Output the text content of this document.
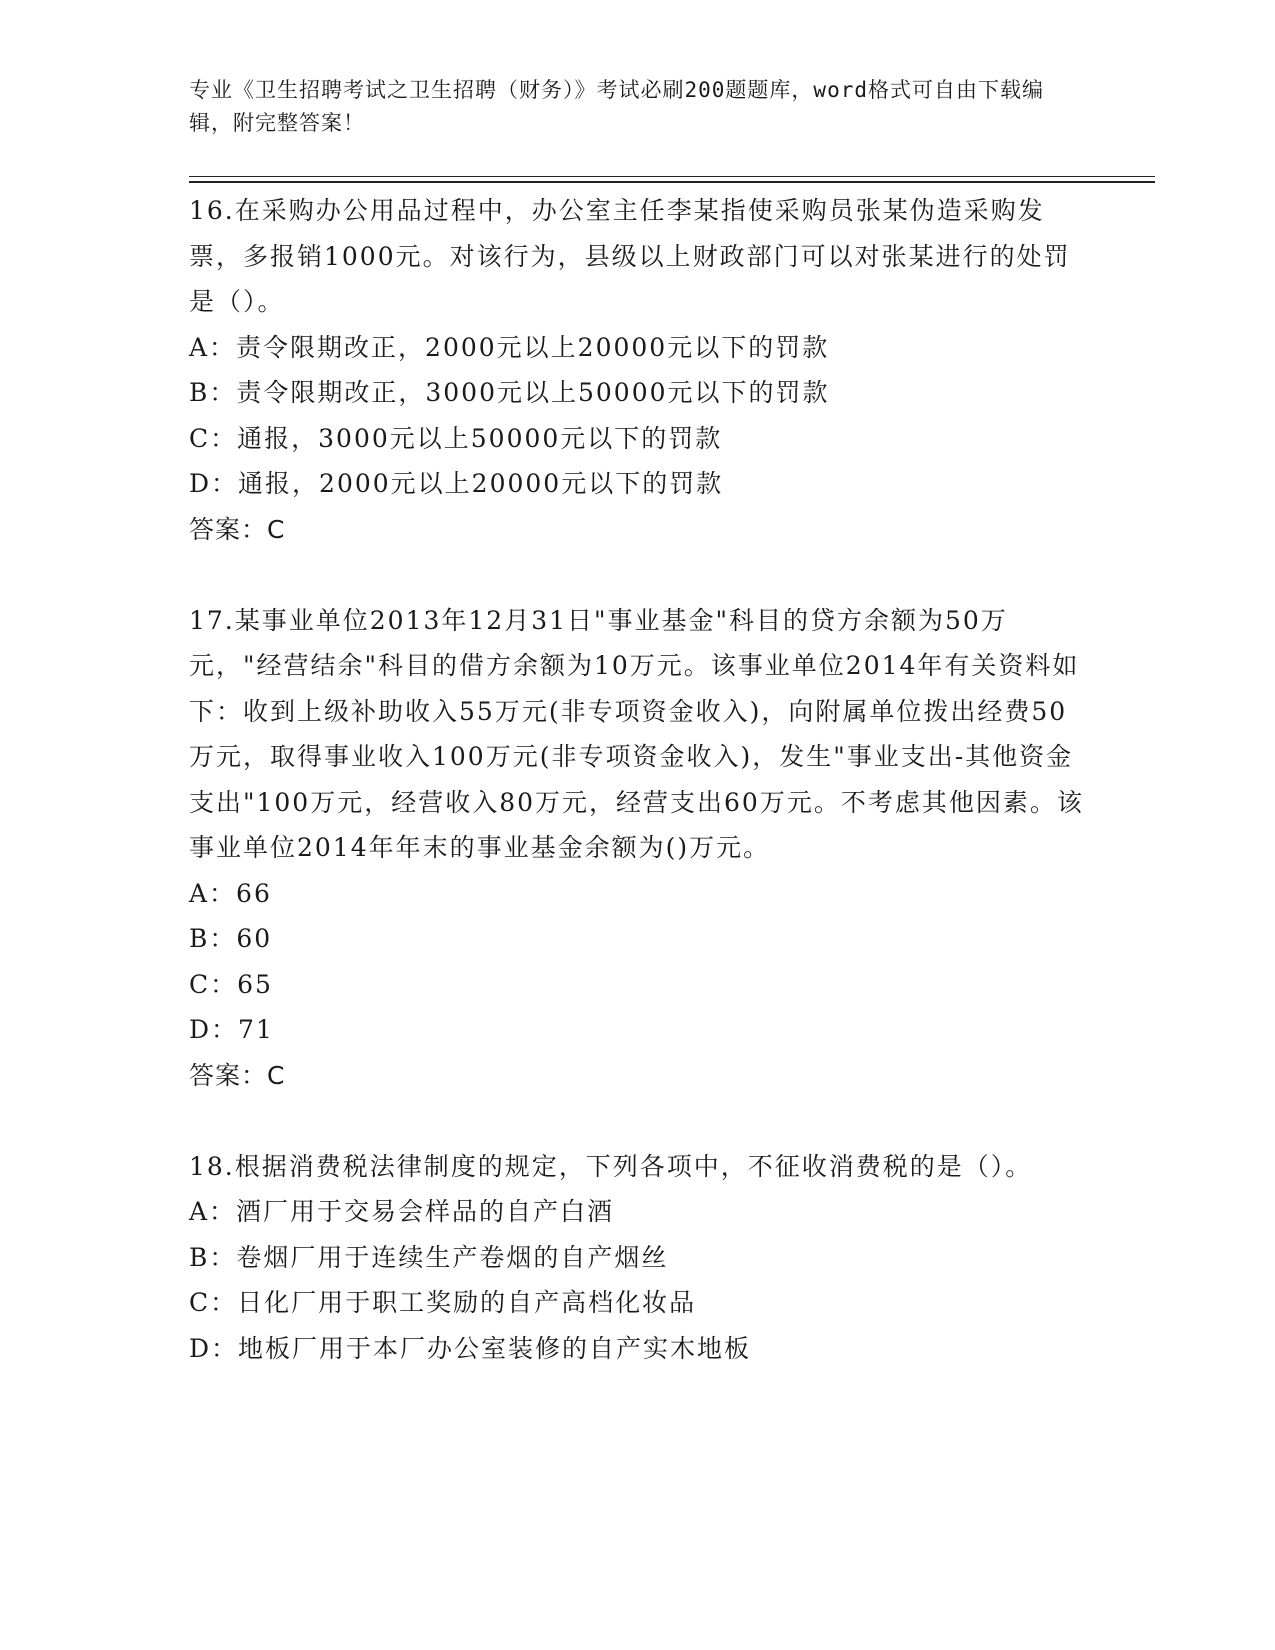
专业《卫生招聘考试之卫生招聘（财务）》考试必刷200题题库，word格式可自由下载编辑，附完整答案！

16.在采购办公用品过程中，办公室主任李某指使采购员张某伪造采购发票，多报销1000元。对该行为，县级以上财政部门可以对张某进行的处罚是（）。

A：责令限期改正，2000元以上20000元以下的罚款

B：责令限期改正，3000元以上50000元以下的罚款

C：通报，3000元以上50000元以下的罚款

D：通报，2000元以上20000元以下的罚款

答案：C

17.某事业单位2013年12月31日"事业基金"科目的贷方余额为50万元，"经营结余"科目的借方余额为10万元。该事业单位2014年有关资料如下：收到上级补助收入55万元(非专项资金收入)，向附属单位拨出经费50万元，取得事业收入100万元(非专项资金收入)，发生"事业支出-其他资金支出"100万元，经营收入80万元，经营支出60万元。不考虑其他因素。该事业单位2014年年末的事业基金余额为()万元。

A：66

B：60

C：65

D：71

答案：C

18.根据消费税法律制度的规定，下列各项中，不征收消费税的是（）。

A：酒厂用于交易会样品的自产白酒

B：卷烟厂用于连续生产卷烟的自产烟丝

C：日化厂用于职工奖励的自产高档化妆品

D：地板厂用于本厂办公室装修的自产实木地板
